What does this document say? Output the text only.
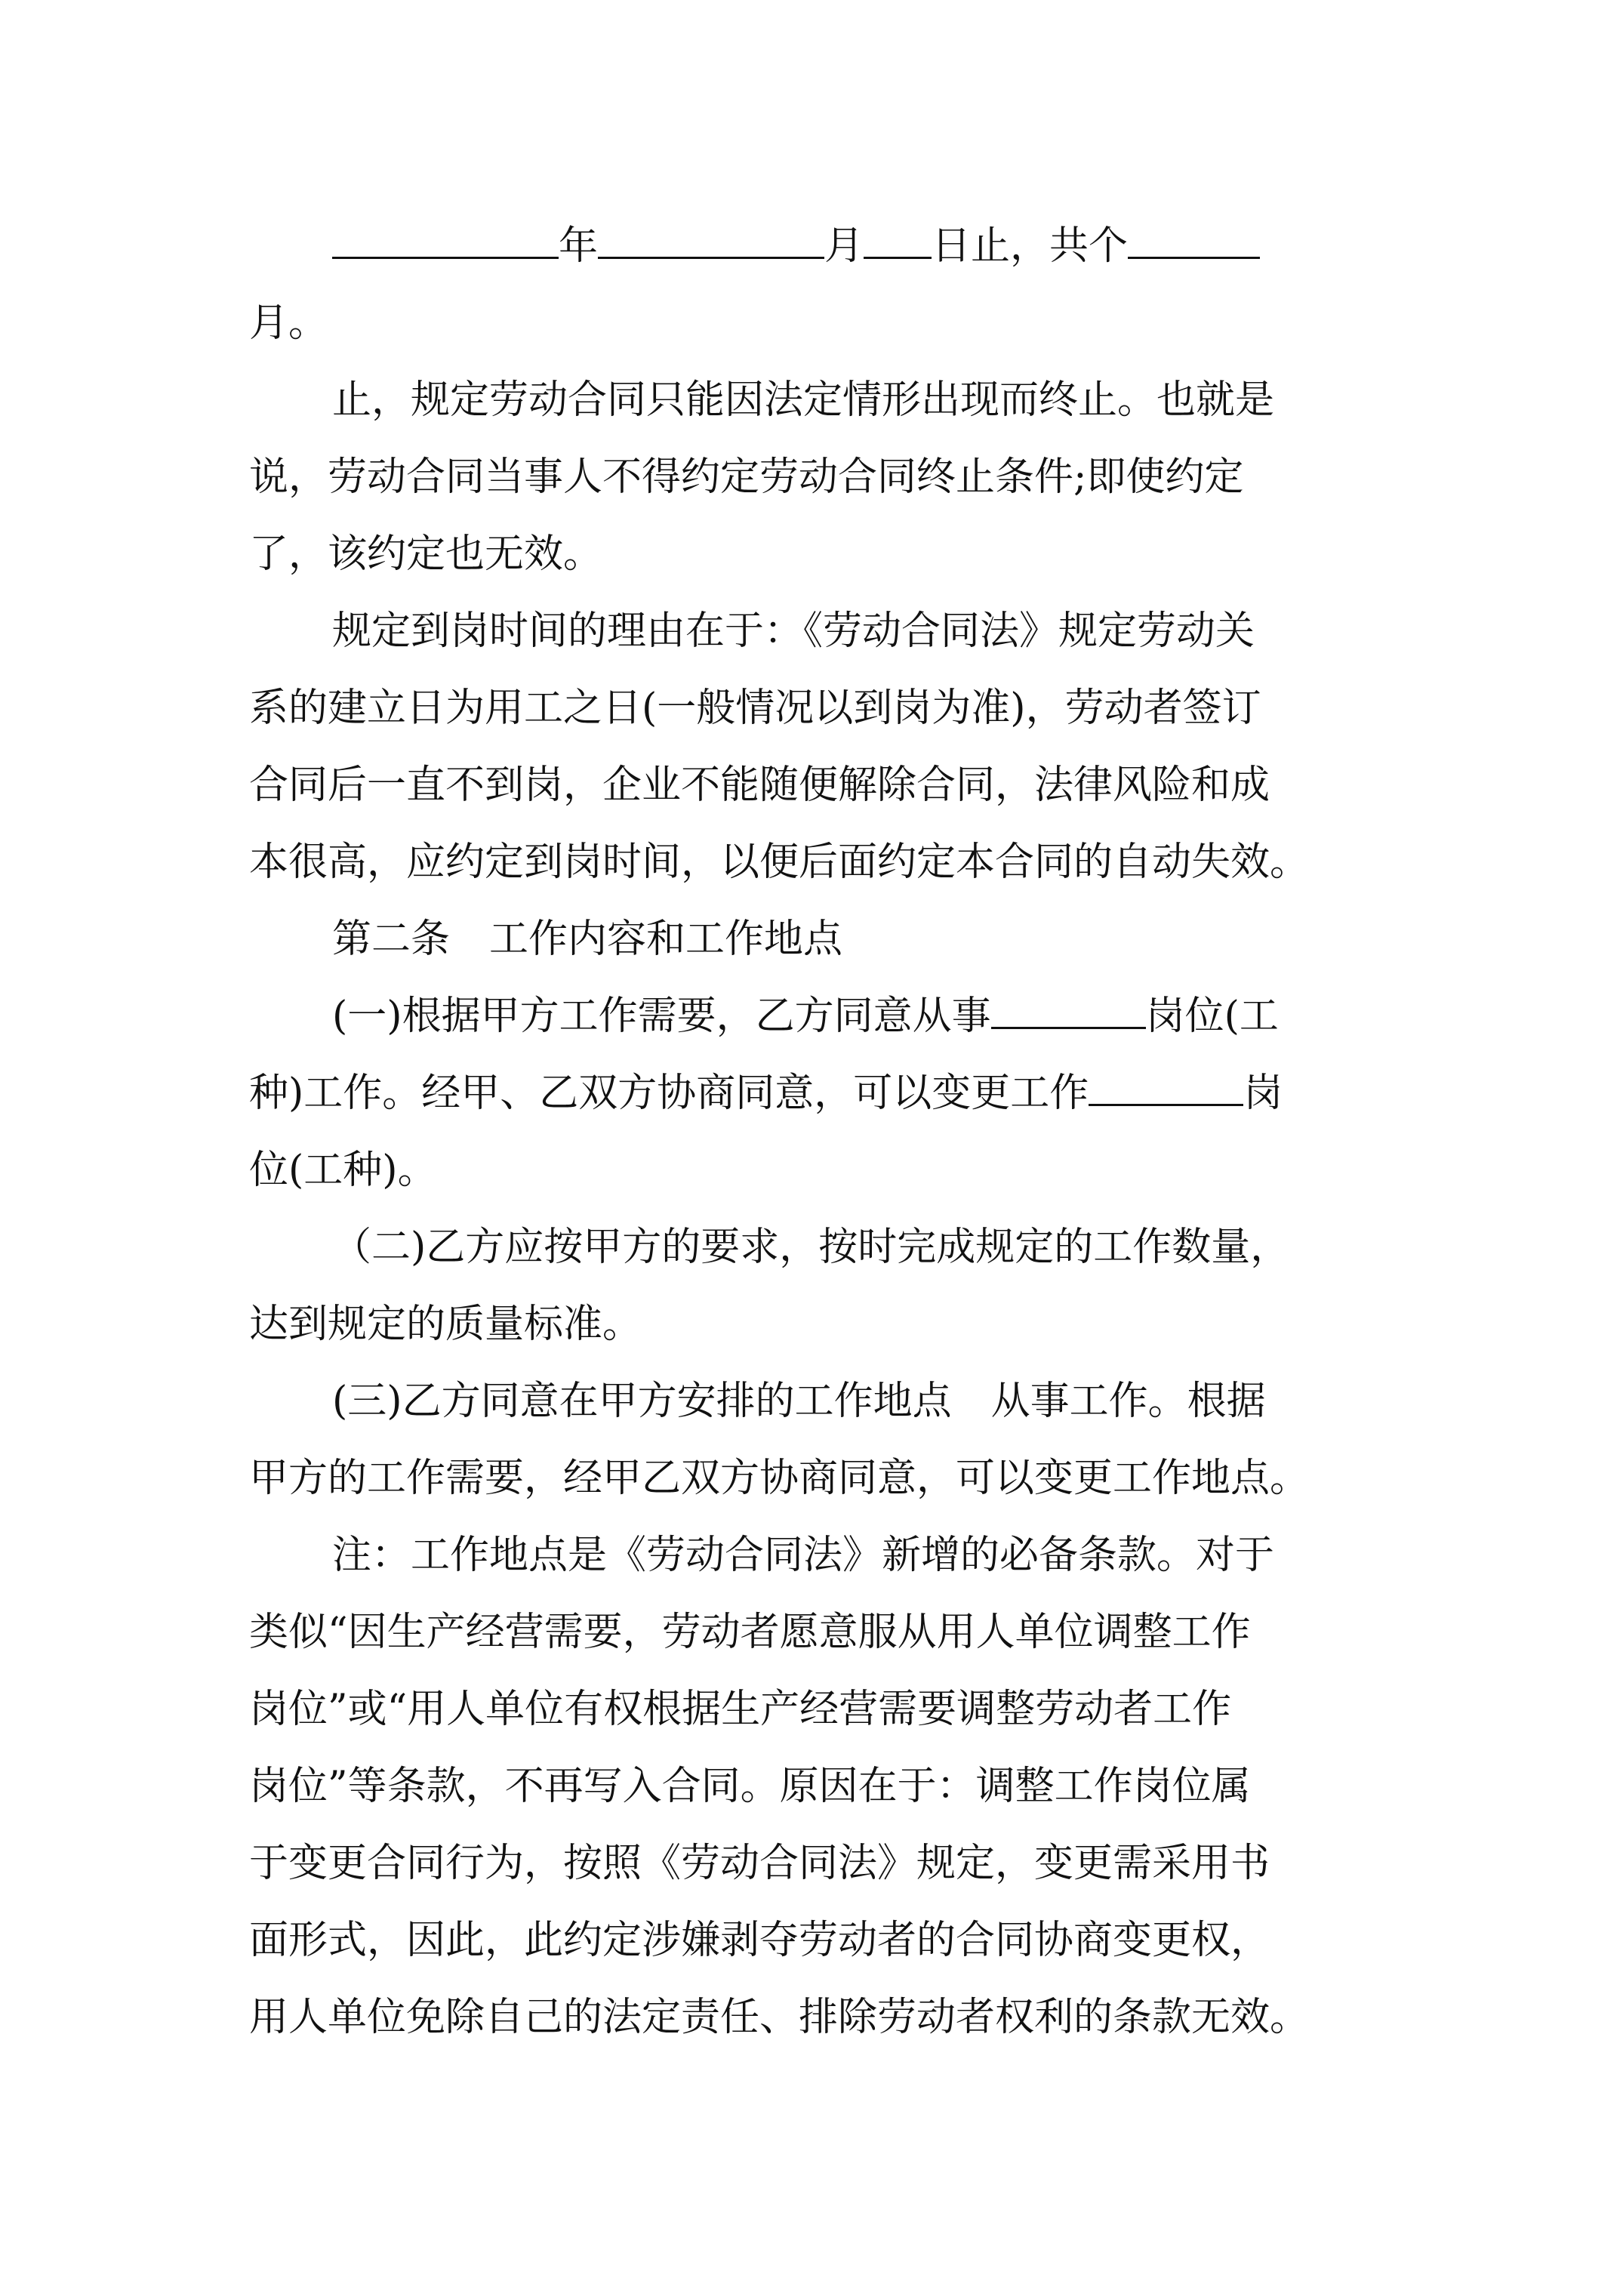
年	月 日止，共个
月。
止，规定劳动合同只能因法定情形出现而终止。也就是
说，劳动合同当事人不得约定劳动合同终止条件;即使约定
了，该约定也无效。
规定到岗时间的理由在于：《劳动合同法》规定劳动关
系的建立日为用工之日(一般情况以到岗为准)，劳动者签订
合同后一直不到岗，企业不能随便解除合同，法律风险和成
本很高，应约定到岗时间，以便后面约定本合同的自动失效。
第二条　工作内容和工作地点
(一)根据甲方工作需要，乙方同意从事	岗位(工
种)工作。经甲、乙双方协商同意，可以变更工作	岗
位(工种)。
（二)乙方应按甲方的要求，按时完成规定的工作数量，
达到规定的质量标准。
(三)乙方同意在甲方安排的工作地点　从事工作。根据
甲方的工作需要，经甲乙双方协商同意，可以变更工作地点。
注：工作地点是《劳动合同法》新增的必备条款。对于
类似“因生产经营需要，劳动者愿意服从用人单位调整工作
岗位”或“用人单位有权根据生产经营需要调整劳动者工作
岗位”等条款，不再写入合同。原因在于：调整工作岗位属
于变更合同行为，按照《劳动合同法》规定，变更需采用书
面形式，因此，此约定涉嫌剥夺劳动者的合同协商变更权，
用人单位免除自己的法定责任、排除劳动者权利的条款无效。
